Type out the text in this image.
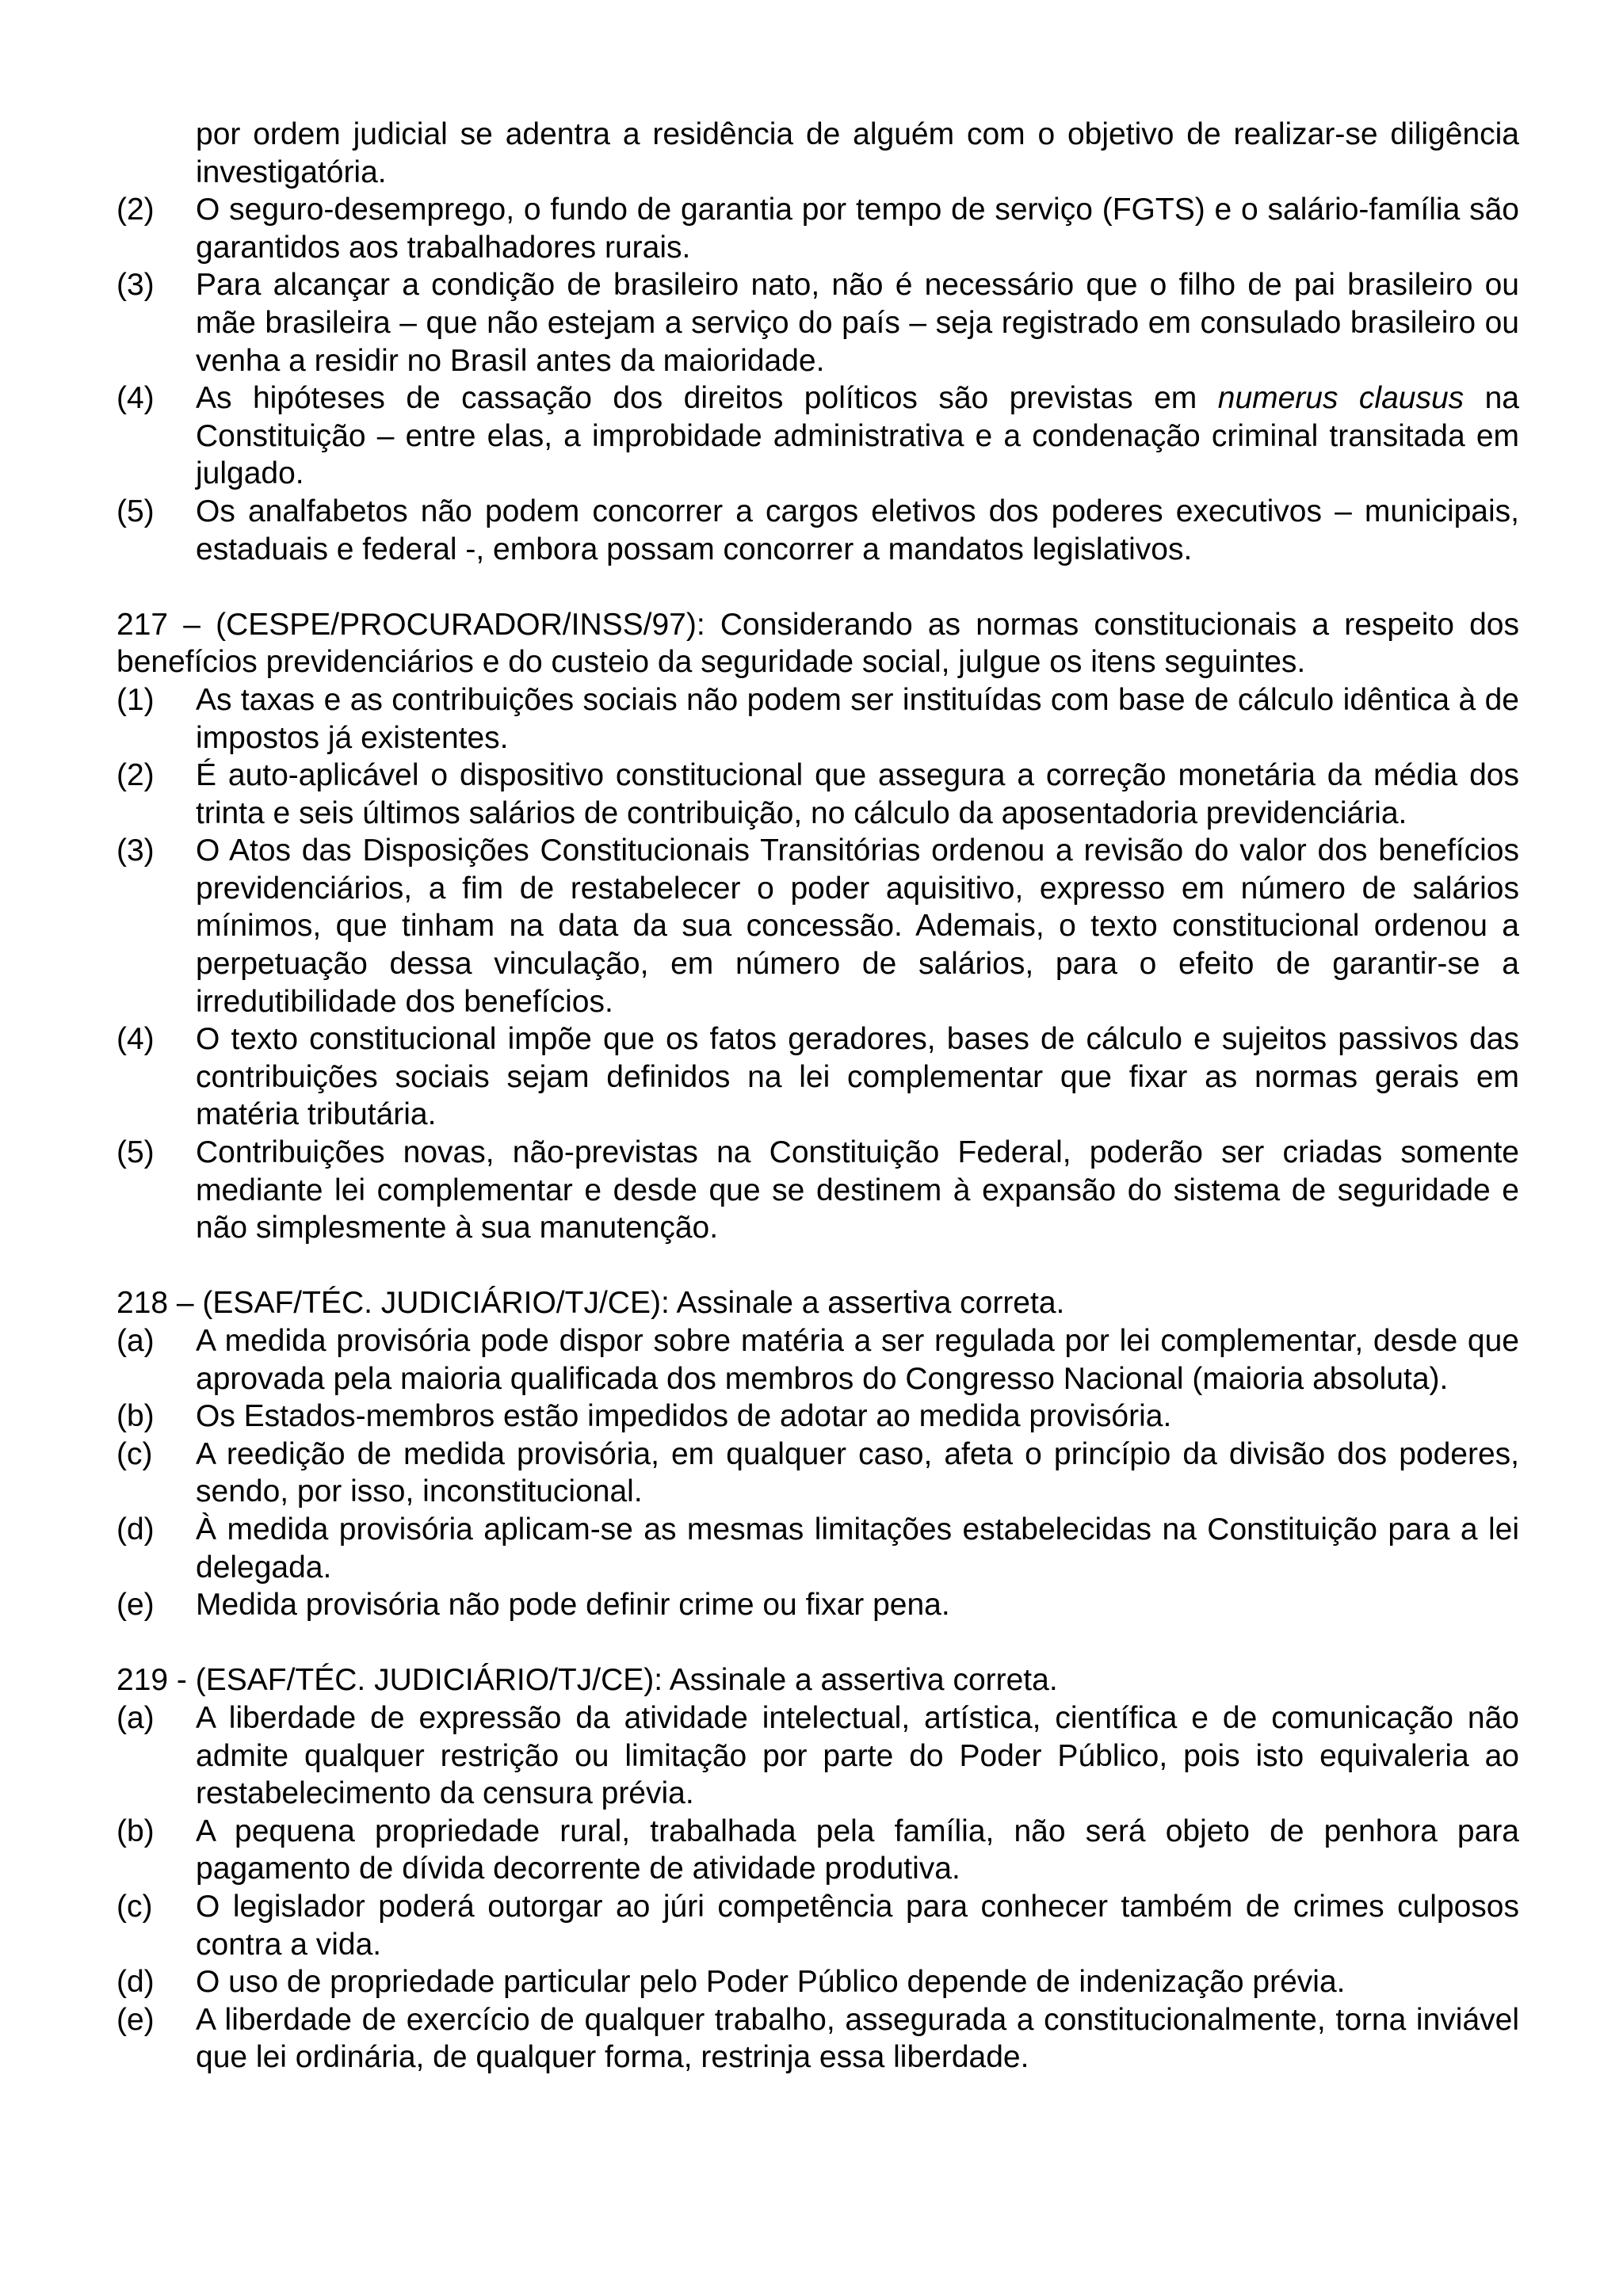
por ordem judicial se adentra a residência de alguém com o objetivo de realizar-se diligência investigatória.
(2)	O seguro-desemprego, o fundo de garantia por tempo de serviço (FGTS) e o salário-família são garantidos aos trabalhadores rurais.
(3)	Para alcançar a condição de brasileiro nato, não é necessário que o filho de pai brasileiro ou mãe brasileira – que não estejam a serviço do país – seja registrado em consulado brasileiro ou venha a residir no Brasil antes da maioridade.
(4)	As hipóteses de cassação dos direitos políticos são previstas em numerus clausus na Constituição – entre elas, a improbidade administrativa e a condenação criminal transitada em julgado.
(5)	Os analfabetos não podem concorrer a cargos eletivos dos poderes executivos – municipais, estaduais e federal -, embora possam concorrer a mandatos legislativos.
217 – (CESPE/PROCURADOR/INSS/97): Considerando as normas constitucionais a respeito dos benefícios previdenciários e do custeio da seguridade social, julgue os itens seguintes.
(1)	As taxas e as contribuições sociais não podem ser instituídas com base de cálculo idêntica à de impostos já existentes.
(2)	É auto-aplicável o dispositivo constitucional que assegura a correção monetária da média dos trinta e seis últimos salários de contribuição, no cálculo da aposentadoria previdenciária.
(3)	O Atos das Disposições Constitucionais Transitórias ordenou a revisão do valor dos benefícios previdenciários, a fim de restabelecer o poder aquisitivo, expresso em número de salários mínimos, que tinham na data da sua concessão. Ademais, o texto constitucional ordenou a perpetuação dessa vinculação, em número de salários, para o efeito de garantir-se a irredutibilidade dos benefícios.
(4)	O texto constitucional impõe que os fatos geradores, bases de cálculo e sujeitos passivos das contribuições sociais sejam definidos na lei complementar que fixar as normas gerais em matéria tributária.
(5)	Contribuições novas, não-previstas na Constituição Federal, poderão ser criadas somente mediante lei complementar e desde que se destinem à expansão do sistema de seguridade e não simplesmente à sua manutenção.
218 – (ESAF/TÉC. JUDICIÁRIO/TJ/CE): Assinale a assertiva correta.
(a)	A medida provisória pode dispor sobre matéria a ser regulada por lei complementar, desde que aprovada pela maioria qualificada dos membros do Congresso Nacional (maioria absoluta).
(b)	Os Estados-membros estão impedidos de adotar ao medida provisória.
(c)	A reedição de medida provisória, em qualquer caso, afeta o princípio da divisão dos poderes, sendo, por isso, inconstitucional.
(d)	À medida provisória aplicam-se as mesmas limitações estabelecidas na Constituição para a lei delegada.
(e)	Medida provisória não pode definir crime ou fixar pena.
219 - (ESAF/TÉC. JUDICIÁRIO/TJ/CE): Assinale a assertiva correta.
(a)	A liberdade de expressão da atividade intelectual, artística, científica e de comunicação não admite qualquer restrição ou limitação por parte do Poder Público, pois isto equivaleria ao restabelecimento da censura prévia.
(b)	A pequena propriedade rural, trabalhada pela família, não será objeto de penhora para pagamento de dívida decorrente de atividade produtiva.
(c)	O legislador poderá outorgar ao júri competência para conhecer também de crimes culposos contra a vida.
(d)	O uso de propriedade particular pelo Poder Público depende de indenização prévia.
(e)	A liberdade de exercício de qualquer trabalho, assegurada a constitucionalmente, torna inviável que lei ordinária, de qualquer forma, restrinja essa liberdade.
